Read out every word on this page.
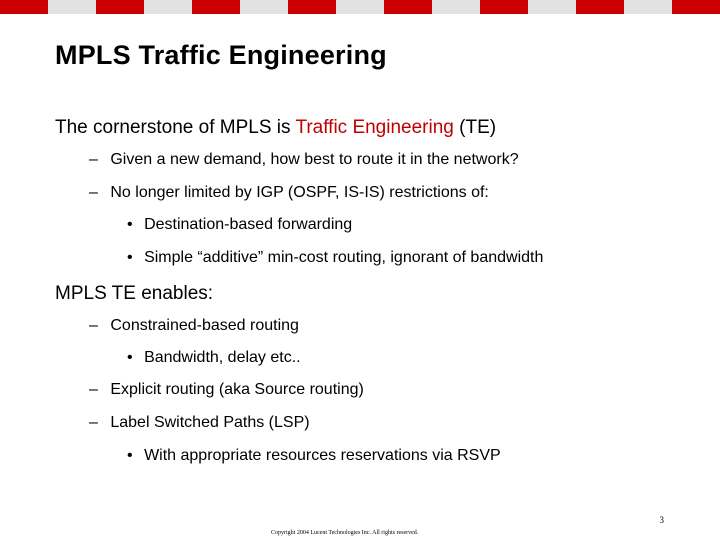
MPLS Traffic Engineering
The cornerstone of MPLS is Traffic Engineering (TE)
– Given a new demand, how best to route it in the network?
– No longer limited by IGP (OSPF, IS-IS) restrictions of:
• Destination-based forwarding
• Simple “additive” min-cost routing, ignorant of bandwidth
MPLS TE enables:
– Constrained-based routing
• Bandwidth, delay etc..
– Explicit routing (aka Source routing)
– Label Switched Paths (LSP)
• With appropriate resources reservations via RSVP
3
Copyright 2004 Lucent Technologies Inc. All rights reserved.
